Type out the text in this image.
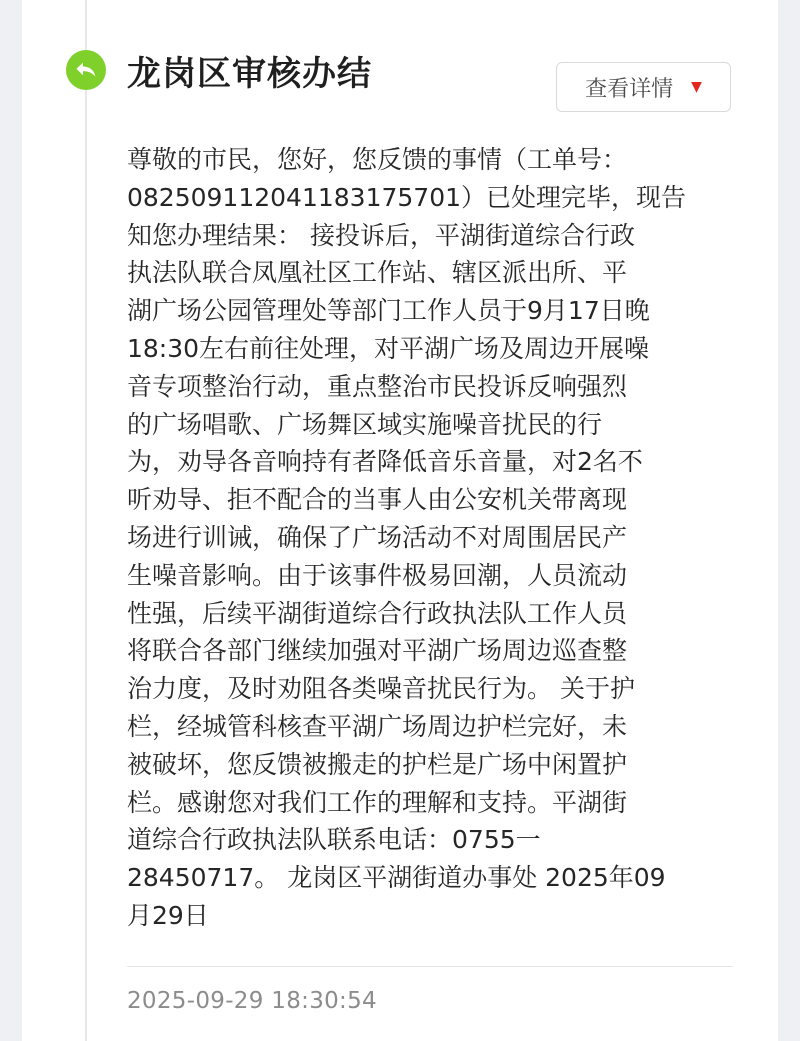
龙岗区审核办结	查看详情 ▼
尊敬的市民，您好，您反馈的事情（工单号：
082509112041183175701）已处理完毕，现告
知您办理结果： 接投诉后，平湖街道综合行政
执法队联合凤凰社区工作站、辖区派出所、平
湖广场公园管理处等部门工作人员于9月17日晚
18:30左右前往处理，对平湖广场及周边开展噪
音专项整治行动，重点整治市民投诉反响强烈
的广场唱歌、广场舞区域实施噪音扰民的行
为，劝导各音响持有者降低音乐音量，对2名不
听劝导、拒不配合的当事人由公安机关带离现
场进行训诫，确保了广场活动不对周围居民产
生噪音影响。由于该事件极易回潮，人员流动
性强，后续平湖街道综合行政执法队工作人员
将联合各部门继续加强对平湖广场周边巡查整
治力度，及时劝阻各类噪音扰民行为。 关于护
栏，经城管科核查平湖广场周边护栏完好，未
被破坏，您反馈被搬走的护栏是广场中闲置护
栏。感谢您对我们工作的理解和支持。平湖街
道综合行政执法队联系电话：0755一
28450717。 龙岗区平湖街道办事处 2025年09
月29日
2025-09-29 18:30:54
